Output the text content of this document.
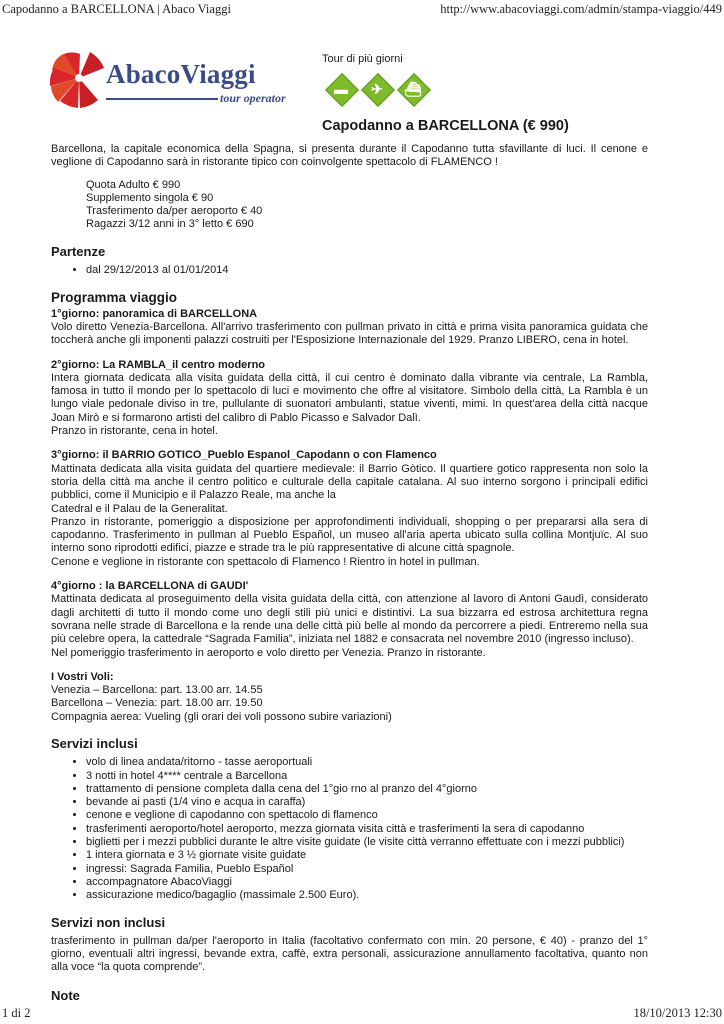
Capodanno a BARCELLONA | Abaco Viaggi	http://www.abacoviaggi.com/admin/stampa-viaggio/449
AbacoViaggi
tour operator
Tour di più giorni
▬	✈	⛴
Capodanno a BARCELLONA (€ 990)

Barcellona, la capitale economica della Spagna, si presenta durante il Capodanno tutta sfavillante di luci. Il cenone e veglione di Capodanno sarà in ristorante tipico con coinvolgente spettacolo di FLAMENCO !

Quota Adulto € 990

Supplemento singola € 90

Trasferimento da/per aeroporto € 40

Ragazzi 3/12 anni in 3° letto € 690

Partenze
• dal 29/12/2013 al 01/01/2014
Programma viaggio

1°giorno: panoramica di BARCELLONA

Volo diretto Venezia-Barcellona. All'arrivo trasferimento con pullman privato in città e prima visita panoramica guidata che toccherà anche gli imponenti palazzi costruiti per l'Esposizione Internazionale del 1929. Pranzo LIBERO, cena in hotel.

2°giorno: La RAMBLA_il centro moderno

Intera giornata dedicata alla visita guidata della città, il cui centro è dominato dalla vibrante via centrale, La Rambla, famosa in tutto il mondo per lo spettacolo di luci e movimento che offre al visitatore. Simbolo della città, La Rambla è un lungo viale pedonale diviso in tre, pullulante di suonatori ambulanti, statue viventi, mimi. In quest'area della città nacque Joan Mirò e si formarono artisti del calibro di Pablo Picasso e Salvador Dalì.

Pranzo in ristorante, cena in hotel.

3°giorno: il BARRIO GOTICO_Pueblo Espanol_Capodann o con Flamenco

Mattinata dedicata alla visita guidata del quartiere medievale: il Barrio Gòtico. Il quartiere gotico rappresenta non solo la storia della città ma anche il centro politico e culturale della capitale catalana. Al suo interno sorgono i principali edifici pubblici, come il Municipio e il Palazzo Reale, ma anche la

Catedral e il Palau de la Generalitat.

Pranzo in ristorante, pomeriggio a disposizione per approfondimenti individuali, shopping o per prepararsi alla sera di capodanno. Trasferimento in pullman al Pueblo Español, un museo all'aria aperta ubicato sulla collina Montjuïc. Al suo interno sono riprodotti edifici, piazze e strade tra le più rappresentative di alcune città spagnole.

Cenone e veglione in ristorante con spettacolo di Flamenco ! Rientro in hotel in pullman.

4°giorno : la BARCELLONA di GAUDI'

Mattinata dedicata al proseguimento della visita guidata della città, con attenzione al lavoro di Antoni Gaudì, considerato dagli architetti di tutto il mondo come uno degli stili più unici e distintivi. La sua bizzarra ed estrosa architettura regna sovrana nelle strade di Barcellona e la rende una delle città più belle al mondo da percorrere a piedi. Entreremo nella sua più celebre opera, la cattedrale “Sagrada Familia”, iniziata nel 1882 e consacrata nel novembre 2010 (ingresso incluso).

Nel pomeriggio trasferimento in aeroporto e volo diretto per Venezia. Pranzo in ristorante.

I Vostri Voli:

Venezia – Barcellona: part. 13.00 arr. 14.55

Barcellona – Venezia: part. 18.00 arr. 19.50

Compagnia aerea: Vueling (gli orari dei voli possono subire variazioni)

Servizi inclusi
• volo di linea andata/ritorno - tasse aeroportuali
• 3 notti in hotel 4**** centrale a Barcellona
• trattamento di pensione completa dalla cena del 1°gio rno al pranzo del 4°giorno
• bevande ai pasti (1/4 vino e acqua in caraffa)
• cenone e veglione di capodanno con spettacolo di flamenco
• trasferimenti aeroporto/hotel aeroporto, mezza giornata visita città e trasferimenti la sera di capodanno
• biglietti per i mezzi pubblici durante le altre visite guidate (le visite città verranno effettuate con i mezzi pubblici)
• 1 intera giornata e 3 ½ giornate visite guidate
• ingressi: Sagrada Familia, Pueblo Español
• accompagnatore AbacoViaggi
• assicurazione medico/bagaglio (massimale 2.500 Euro).
Servizi non inclusi

trasferimento in pullman da/per l'aeroporto in Italia (facoltativo confermato con min. 20 persone, € 40) - pranzo del 1° giorno, eventuali altri ingressi, bevande extra, caffè, extra personali, assicurazione annullamento facoltativa, quanto non alla voce “la quota comprende”.

Note
1 di 2	18/10/2013 12:30
